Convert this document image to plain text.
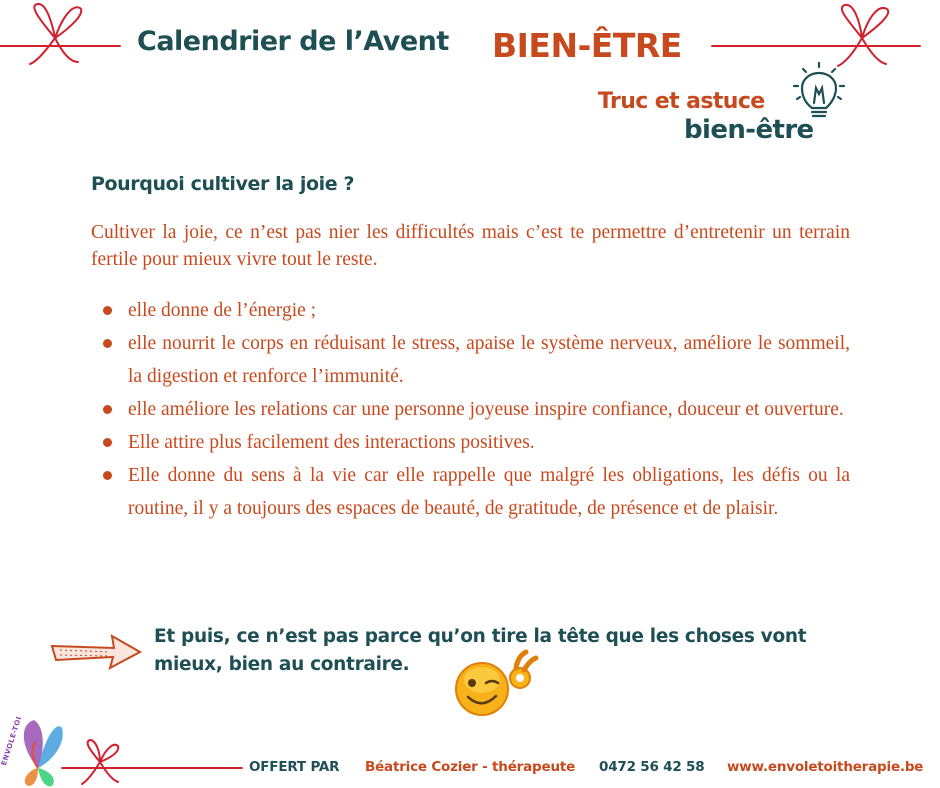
ENVOLE-TOI
Calendrier de l’Avent BIEN-ÊTRE
Truc et astuce
bien-être
Pourquoi cultiver la joie ?
Cultiver la joie, ce n’est pas nier les difficultés mais c’est te permettre d’entretenir un terrain fertile pour mieux vivre tout le reste.
elle donne de l’énergie ;
elle nourrit le corps en réduisant le stress, apaise le système nerveux, améliore le sommeil, la digestion et renforce l’immunité.
elle améliore les relations car une personne joyeuse inspire confiance, douceur et ouverture.
Elle attire plus facilement des interactions positives.
Elle donne du sens à la vie car elle rappelle que malgré les obligations, les défis ou la routine, il y a toujours des espaces de beauté, de gratitude, de présence et de plaisir.
Et puis, ce n’est pas parce qu’on tire la tête que les choses vont mieux, bien au contraire.
OFFERT PAR Béatrice Cozier - thérapeute 0472 56 42 58 www.envoletoitherapie.be
